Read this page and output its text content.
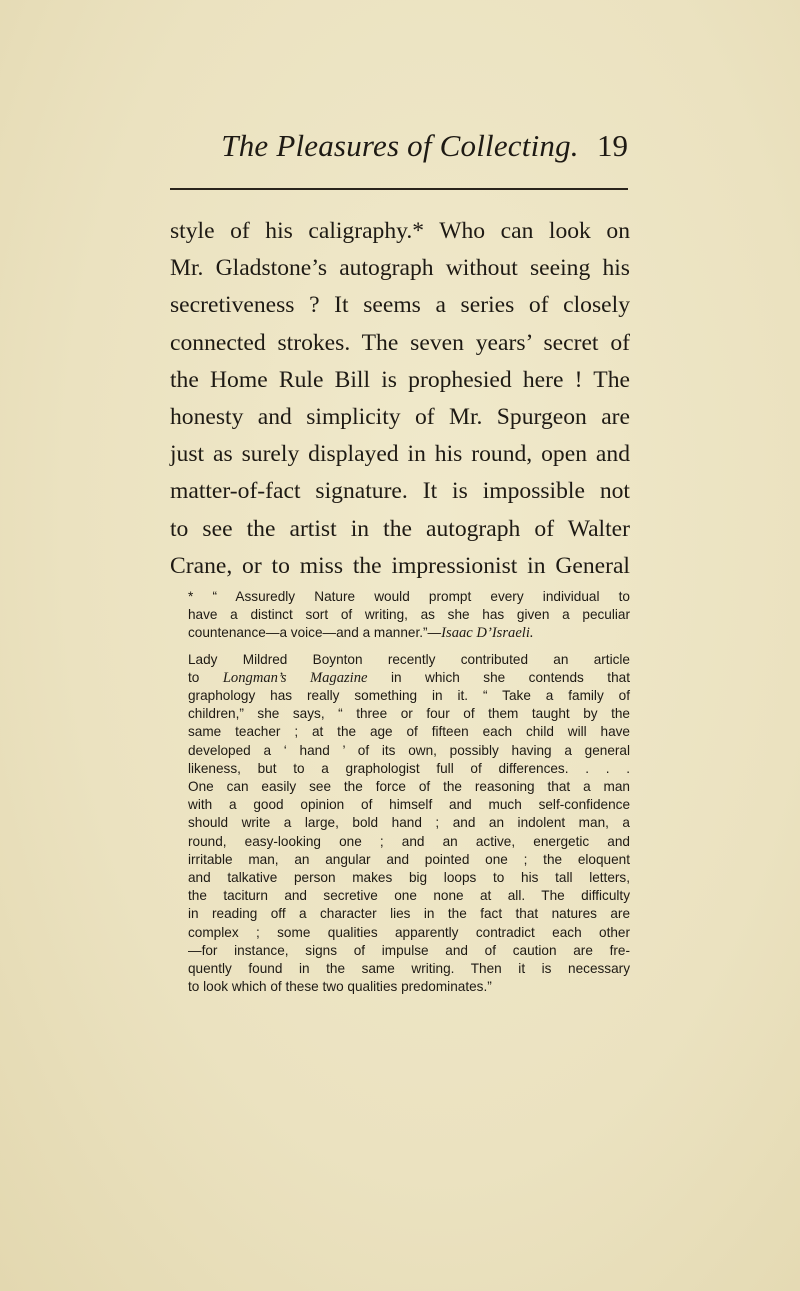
The Pleasures of Collecting. 19
style of his caligraphy.* Who can look on
Mr. Gladstone’s autograph without seeing his
secretiveness ? It seems a series of closely
connected strokes. The seven years’ secret of
the Home Rule Bill is prophesied here ! The
honesty and simplicity of Mr. Spurgeon are
just as surely displayed in his round, open and
matter-of-fact signature. It is impossible not
to see the artist in the autograph of Walter
Crane, or to miss the impressionist in General

* “ Assuredly Nature would prompt every individual to
have a distinct sort of writing, as she has given a peculiar
countenance—a voice—and a manner.”—Isaac D’Israeli.

Lady Mildred Boynton recently contributed an article
to Longman’s Magazine in which she contends that
graphology has really something in it. “ Take a family of
children,” she says, “ three or four of them taught by the
same teacher ; at the age of fifteen each child will have
developed a ‘ hand ’ of its own, possibly having a general
likeness, but to a graphologist full of differences. . . .
One can easily see the force of the reasoning that a man
with a good opinion of himself and much self-confidence
should write a large, bold hand ; and an indolent man, a
round, easy-looking one ; and an active, energetic and
irritable man, an angular and pointed one ; the eloquent
and talkative person makes big loops to his tall letters,
the taciturn and secretive one none at all. The difficulty
in reading off a character lies in the fact that natures are
complex ; some qualities apparently contradict each other
—for instance, signs of impulse and of caution are fre-
quently found in the same writing. Then it is necessary
to look which of these two qualities predominates.”
